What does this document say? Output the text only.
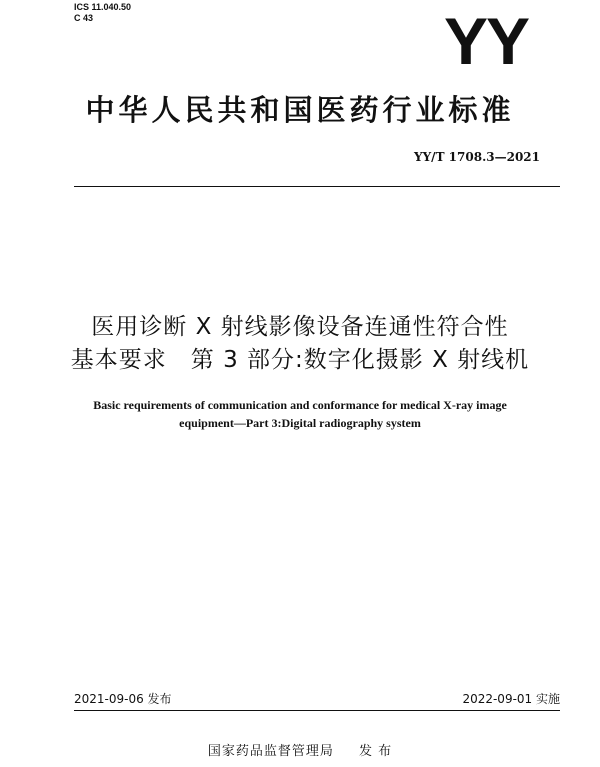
ICS 11.040.50
C 43	YY
中华人民共和国医药行业标准
YY/T 1708.3—2021
医用诊断 X 射线影像设备连通性符合性
基本要求　第 3 部分:数字化摄影 X 射线机
Basic requirements of communication and conformance for medical X-ray image
equipment—Part 3:Digital radiography system
2021-09-06 发布	2022-09-01 实施
国家药品监督管理局 发 布
